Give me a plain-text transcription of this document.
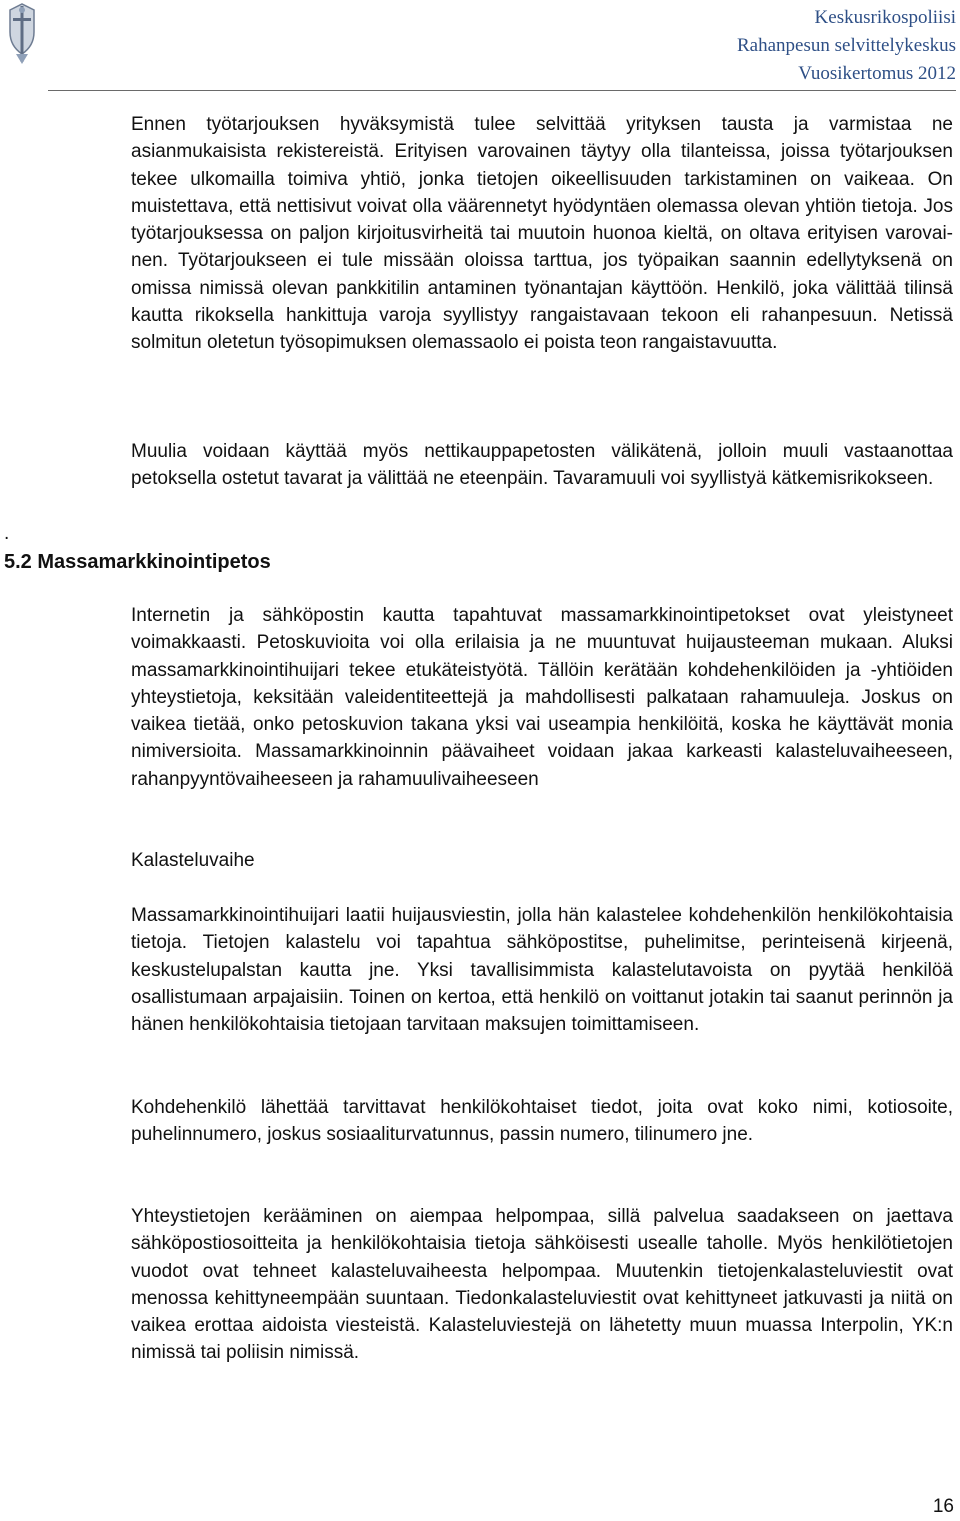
Keskusrikospoliisi
Rahanpesun selvittelykeskus
Vuosikertomus 2012

Ennen työtarjouksen hyväksymistä tulee selvittää yrityksen tausta ja varmistaa ne asianmukaisista rekistereistä. Erityisen varovainen täytyy olla tilanteissa, joissa työtarjouksen tekee ulkomailla toimiva yhtiö, jonka tietojen oikeellisuuden tarkistaminen on vaikeaa. On muistettava, että nettisivut voivat olla väärennetyt hyödyntäen olemassa olevan yhtiön tietoja. Jos työtarjouksessa on paljon kirjoitusvirheitä tai muutoin huonoa kieltä, on oltava erityisen varovainen. Työtarjoukseen ei tule missään oloissa tarttua, jos työpaikan saannin edellytyksenä on omissa nimissä olevan pankkitilin antaminen työnantajan käyttöön. Henkilö, joka välittää tilinsä kautta rikoksella hankittuja varoja syyllistyy rangaistavaan tekoon eli rahanpesuun. Netissä solmitun oletetun työsopimuksen olemassaolo ei poista teon rangaistavuutta.

Muulia voidaan käyttää myös nettikauppapetosten välikätenä, jolloin muuli vastaanottaa petoksella ostetut tavarat ja välittää ne eteenpäin. Tavaramuuli voi syyllistyä kätkemisrikokseen.

.
5.2 Massamarkkinointipetos

Internetin ja sähköpostin kautta tapahtuvat massamarkkinointipetokset ovat yleistyneet voimakkaasti. Petoskuvioita voi olla erilaisia ja ne muuntuvat huijausteeman mukaan. Aluksi massamarkkinointihuijari tekee etukäteistyötä. Tällöin kerätään kohdehenkilöiden ja -yhtiöiden yhteystietoja, keksitään valeidentiteettejä ja mahdollisesti palkataan rahamuuleja. Joskus on vaikea tietää, onko petoskuvion takana yksi vai useampia henkilöitä, koska he käyttävät monia nimiversioita. Massamarkkinoinnin päävaiheet voidaan jakaa karkeasti kalasteluvaiheeseen, rahanpyyntövaiheeseen ja rahamuulivaiheeseen

Kalasteluvaihe

Massamarkkinointihuijari laatii huijausviestin, jolla hän kalastelee kohdehenkilön henkilökohtaisia tietoja. Tietojen kalastelu voi tapahtua sähköpostitse, puhelimitse, perinteisenä kirjeenä, keskustelupalstan kautta jne. Yksi tavallisimmista kalastelutavoista on pyytää henkilöä osallistumaan arpajaisiin. Toinen on kertoa, että henkilö on voittanut jotakin tai saanut perinnön ja hänen henkilökohtaisia tietojaan tarvitaan maksujen toimittamiseen.

Kohdehenkilö lähettää tarvittavat henkilökohtaiset tiedot, joita ovat koko nimi, kotiosoite, puhelinnumero, joskus sosiaaliturvatunnus, passin numero, tilinumero jne.

Yhteystietojen kerääminen on aiempaa helpompaa, sillä palvelua saadakseen on jaettava sähköpostiosoitteita ja henkilökohtaisia tietoja sähköisesti usealle taholle. Myös henkilötietojen vuodot ovat tehneet kalasteluvaiheesta helpompaa. Muutenkin tietojenkalasteluviestit ovat menossa kehittyneempään suuntaan. Tiedonkalasteluviestit ovat kehittyneet jatkuvasti ja niitä on vaikea erottaa aidoista viesteistä. Kalasteluviestejä on lähetetty muun muassa Interpolin, YK:n nimissä tai poliisin nimissä.

16
